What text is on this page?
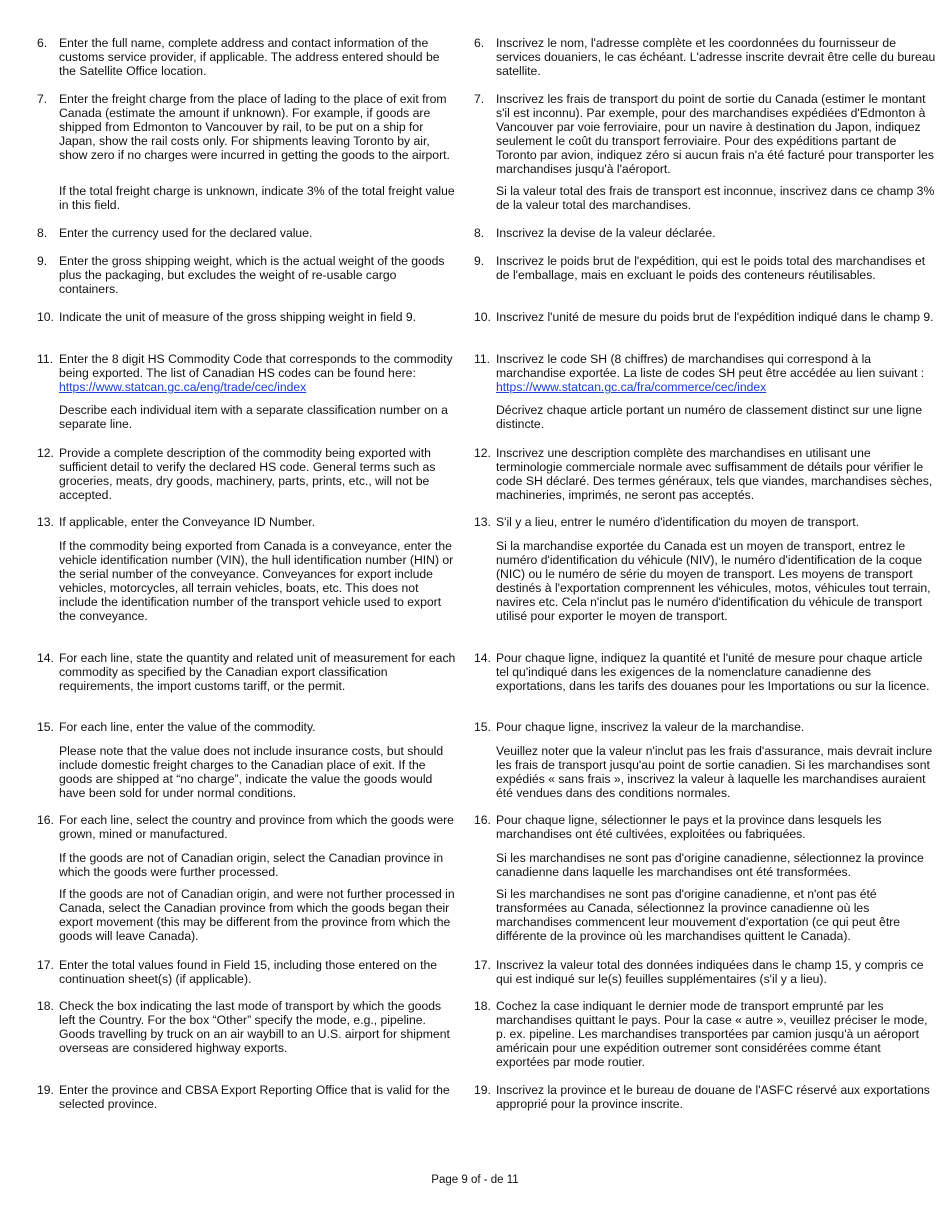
6. Enter the full name, complete address and contact information of the customs service provider, if applicable. The address entered should be the Satellite Office location.
7. Enter the freight charge from the place of lading to the place of exit from Canada (estimate the amount if unknown). For example, if goods are shipped from Edmonton to Vancouver by rail, to be put on a ship for Japan, show the rail costs only. For shipments leaving Toronto by air, show zero if no charges were incurred in getting the goods to the airport.
If the total freight charge is unknown, indicate 3% of the total freight value in this field.
8. Enter the currency used for the declared value.
9. Enter the gross shipping weight, which is the actual weight of the goods plus the packaging, but excludes the weight of re-usable cargo containers.
10. Indicate the unit of measure of the gross shipping weight in field 9.
11. Enter the 8 digit HS Commodity Code that corresponds to the commodity being exported. The list of Canadian HS codes can be found here: https://www.statcan.gc.ca/eng/trade/cec/index
Describe each individual item with a separate classification number on a separate line.
12. Provide a complete description of the commodity being exported with sufficient detail to verify the declared HS code. General terms such as groceries, meats, dry goods, machinery, parts, prints, etc., will not be accepted.
13. If applicable, enter the Conveyance ID Number.
If the commodity being exported from Canada is a conveyance, enter the vehicle identification number (VIN), the hull identification number (HIN) or the serial number of the conveyance. Conveyances for export include vehicles, motorcycles, all terrain vehicles, boats, etc. This does not include the identification number of the transport vehicle used to export the conveyance.
14. For each line, state the quantity and related unit of measurement for each commodity as specified by the Canadian export classification requirements, the import customs tariff, or the permit.
15. For each line, enter the value of the commodity.
Please note that the value does not include insurance costs, but should include domestic freight charges to the Canadian place of exit. If the goods are shipped at “no charge”, indicate the value the goods would have been sold for under normal conditions.
16. For each line, select the country and province from which the goods were grown, mined or manufactured.
If the goods are not of Canadian origin, select the Canadian province in which the goods were further processed.
If the goods are not of Canadian origin, and were not further processed in Canada, select the Canadian province from which the goods began their export movement (this may be different from the province from which the goods will leave Canada).
17. Enter the total values found in Field 15, including those entered on the continuation sheet(s) (if applicable).
18. Check the box indicating the last mode of transport by which the goods left the Country. For the box “Other” specify the mode, e.g., pipeline. Goods travelling by truck on an air waybill to an U.S. airport for shipment overseas are considered highway exports.
19. Enter the province and CBSA Export Reporting Office that is valid for the selected province.
6. Inscrivez le nom, l'adresse complète et les coordonnées du fournisseur de services douaniers, le cas échéant. L'adresse inscrite devrait être celle du bureau satellite.
7. Inscrivez les frais de transport du point de sortie du Canada (estimer le montant s'il est inconnu). Par exemple, pour des marchandises expédiées d'Edmonton à Vancouver par voie ferroviaire, pour un navire à destination du Japon, indiquez seulement le coût du transport ferroviaire. Pour des expéditions partant de Toronto par avion, indiquez zéro si aucun frais n'a été facturé pour transporter les marchandises jusqu'à l'aéroport.
Si la valeur total des frais de transport est inconnue, inscrivez dans ce champ 3% de la valeur total des marchandises.
8. Inscrivez la devise de la valeur déclarée.
9. Inscrivez le poids brut de l'expédition, qui est le poids total des marchandises et de l'emballage, mais en excluant le poids des conteneurs réutilisables.
10. Inscrivez l'unité de mesure du poids brut de l'expédition indiqué dans le champ 9.
11. Inscrivez le code SH (8 chiffres) de marchandises qui correspond à la marchandise exportée. La liste de codes SH peut être accédée au lien suivant : https://www.statcan.gc.ca/fra/commerce/cec/index
Décrivez chaque article portant un numéro de classement distinct sur une ligne distincte.
12. Inscrivez une description complète des marchandises en utilisant une terminologie commerciale normale avec suffisamment de détails pour vérifier le code SH déclaré. Des termes généraux, tels que viandes, marchandises sèches, machineries, imprimés, ne seront pas acceptés.
13. S'il y a lieu, entrer le numéro d'identification du moyen de transport.
Si la marchandise exportée du Canada est un moyen de transport, entrez le numéro d'identification du véhicule (NIV), le numéro d'identification de la coque (NIC) ou le numéro de série du moyen de transport. Les moyens de transport destinés à l'exportation comprennent les véhicules, motos, véhicules tout terrain, navires etc. Cela n'inclut pas le numéro d'identification du véhicule de transport utilisé pour exporter le moyen de transport.
14. Pour chaque ligne, indiquez la quantité et l'unité de mesure pour chaque article tel qu'indiqué dans les exigences de la nomenclature canadienne des exportations, dans les tarifs des douanes pour les Importations ou sur la licence.
15. Pour chaque ligne, inscrivez la valeur de la marchandise.
Veuillez noter que la valeur n'inclut pas les frais d'assurance, mais devrait inclure les frais de transport jusqu'au point de sortie canadien. Si les marchandises sont expédiés « sans frais », inscrivez la valeur à laquelle les marchandises auraient été vendues dans des conditions normales.
16. Pour chaque ligne, sélectionner le pays et la province dans lesquels les marchandises ont été cultivées, exploitées ou fabriquées.
Si les marchandises ne sont pas d'origine canadienne, sélectionnez la province canadienne dans laquelle les marchandises ont été transformées.
Si les marchandises ne sont pas d'origine canadienne, et n'ont pas été transformées au Canada, sélectionnez la province canadienne où les marchandises commencent leur mouvement d'exportation (ce qui peut être différente de la province où les marchandises quittent le Canada).
17. Inscrivez la valeur total des données indiquées dans le champ 15, y compris ce qui est indiqué sur le(s) feuilles supplémentaires (s'il y a lieu).
18. Cochez la case indiquant le dernier mode de transport emprunté par les marchandises quittant le pays. Pour la case « autre », veuillez préciser le mode, p. ex. pipeline. Les marchandises transportées par camion jusqu'à un aéroport américain pour une expédition outremer sont considérées comme étant exportées par mode routier.
19. Inscrivez la province et le bureau de douane de l'ASFC réservé aux exportations approprié pour la province inscrite.
Page 9 of - de 11
